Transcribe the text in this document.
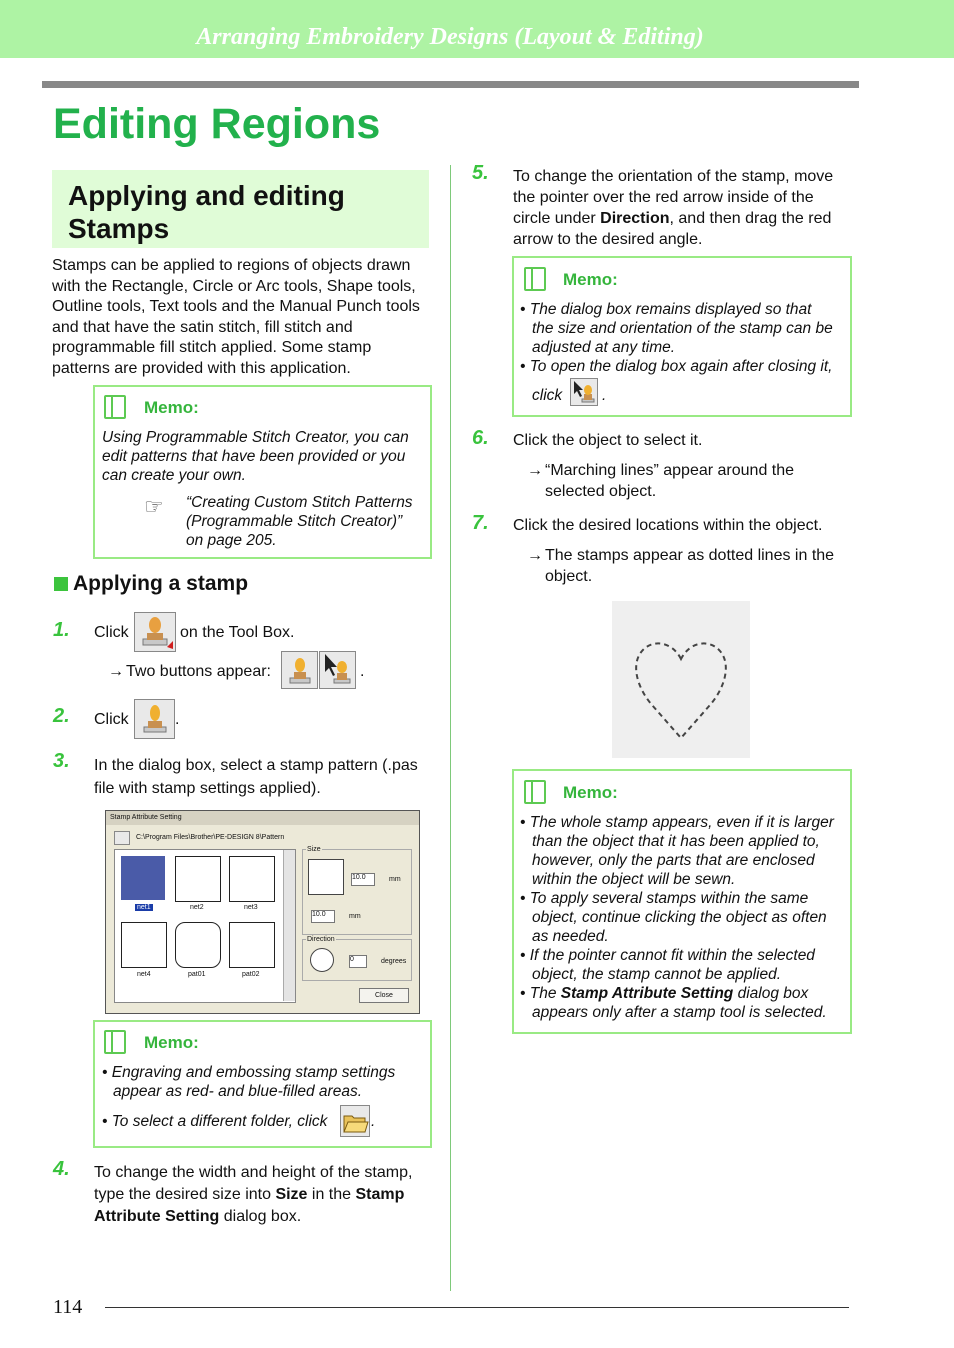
Arranging Embroidery Designs (Layout & Editing)
Editing Regions
Applying and editing Stamps
Stamps can be applied to regions of objects drawn
with the Rectangle, Circle or Arc tools, Shape tools,
Outline tools, Text tools and the Manual Punch tools
and that have the satin stitch, fill stitch and
programmable fill stitch applied. Some stamp
patterns are provided with this application.
Memo:
Using Programmable Stitch Creator, you can
edit patterns that have been provided or you
can create your own.
☞ “Creating Custom Stitch Patterns
(Programmable Stitch Creator)”
on page 205.
Applying a stamp
1. Click	on the Tool Box.
→ Two buttons appear:	.
2. Click	.
3. In the dialog box, select a stamp pattern (.pas
file with stamp settings applied).
Stamp Attribute Setting
C:\Program Files\Brother\PE-DESIGN 8\Pattern
net1	net2	net3
net4	pat01	pat02
Size
10.0	mm
10.0	mm
Direction
0	degrees
Close
Memo:
• Engraving and embossing stamp settings
appear as red- and blue-filled areas.
• To select a different folder, click	.
4. To change the width and height of the stamp,
type the desired size into Size in the Stamp
Attribute Setting dialog box.
5. To change the orientation of the stamp, move
the pointer over the red arrow inside of the
circle under Direction, and then drag the red
arrow to the desired angle.
Memo:
• The dialog box remains displayed so that
the size and orientation of the stamp can be
adjusted at any time.
• To open the dialog box again after closing it,
click	.
6. Click the object to select it.
→ “Marching lines” appear around the
selected object.
7. Click the desired locations within the object.
→ The stamps appear as dotted lines in the
object.
Memo:
• The whole stamp appears, even if it is larger
than the object that it has been applied to,
however, only the parts that are enclosed
within the object will be sewn.
• To apply several stamps within the same
object, continue clicking the object as often
as needed.
• If the pointer cannot fit within the selected
object, the stamp cannot be applied.
• The Stamp Attribute Setting dialog box
appears only after a stamp tool is selected.
114
